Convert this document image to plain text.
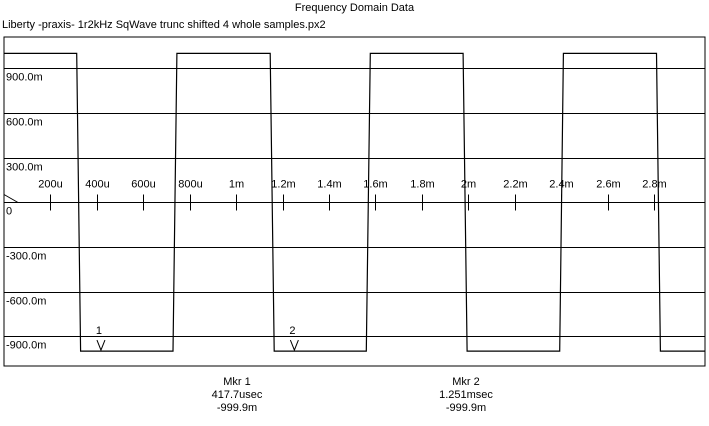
Frequency Domain Data
Liberty -praxis- 1r2kHz SqWave trunc shifted 4 whole samples.px2
900.0m
600.0m
300.0m
0
-300.0m
-600.0m
-900.0m
200u 400u 600u 800u 1m 1.2m 1.4m 1.6m 1.8m 2m 2.2m 2.4m 2.6m 2.8m
1	2
Mkr 1
417.7usec
-999.9m
Mkr 2
1.251msec
-999.9m
